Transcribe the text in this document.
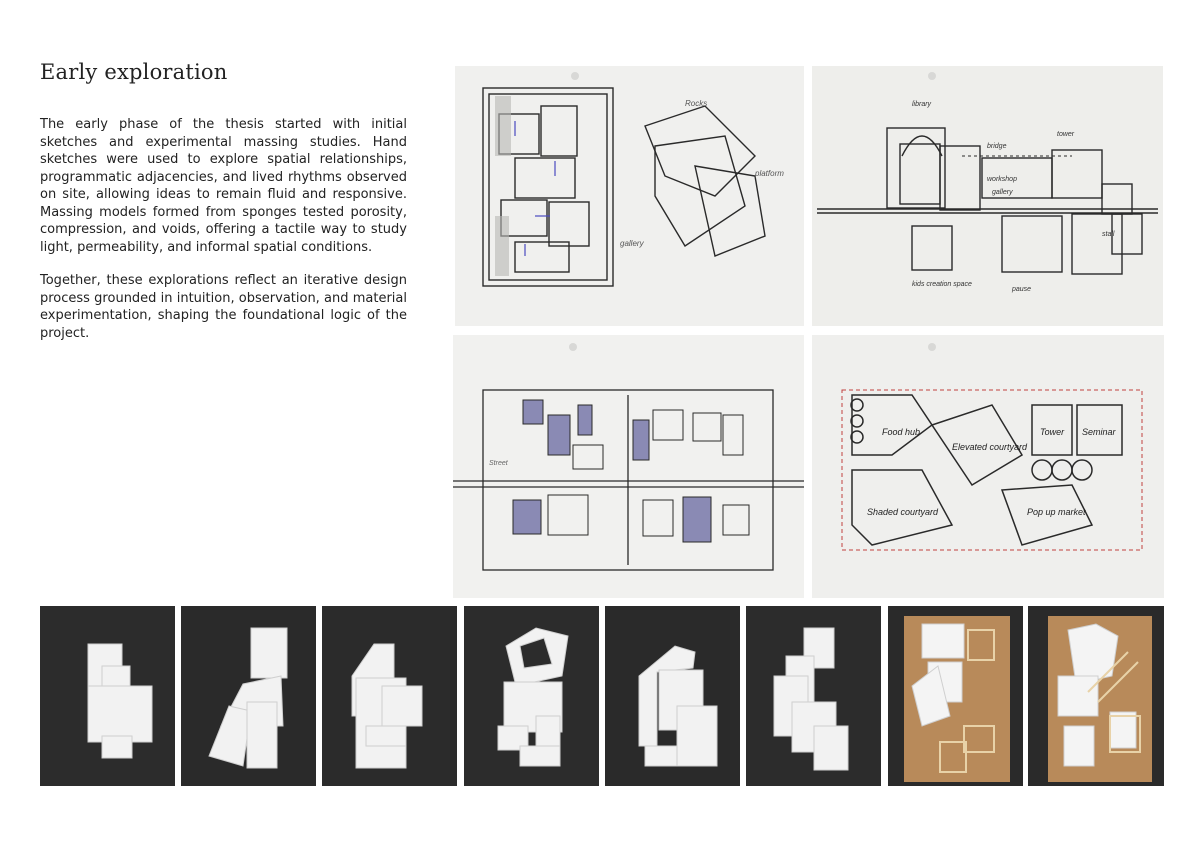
Early exploration

The early phase of the thesis started with initial sketches and experimental massing studies. Hand sketches were used to explore spatial relationships, programmatic adjacencies, and lived rhythms observed on site, allowing ideas to remain fluid and responsive. Massing models formed from sponges tested porosity, compression, and voids, offering a tactile way to study light, permeability, and informal spatial conditions.

Together, these explorations reflect an iterative design process grounded in intuition, observation, and material experimentation, shaping the foundational logic of the project.

Rocks
gallery
platform
library
bridge
workshop
gallery
tower
stall
kids creation space
pause
Street
Food hub
Elevated courtyard
Tower Seminar
Pop up market
Shaded courtyard
